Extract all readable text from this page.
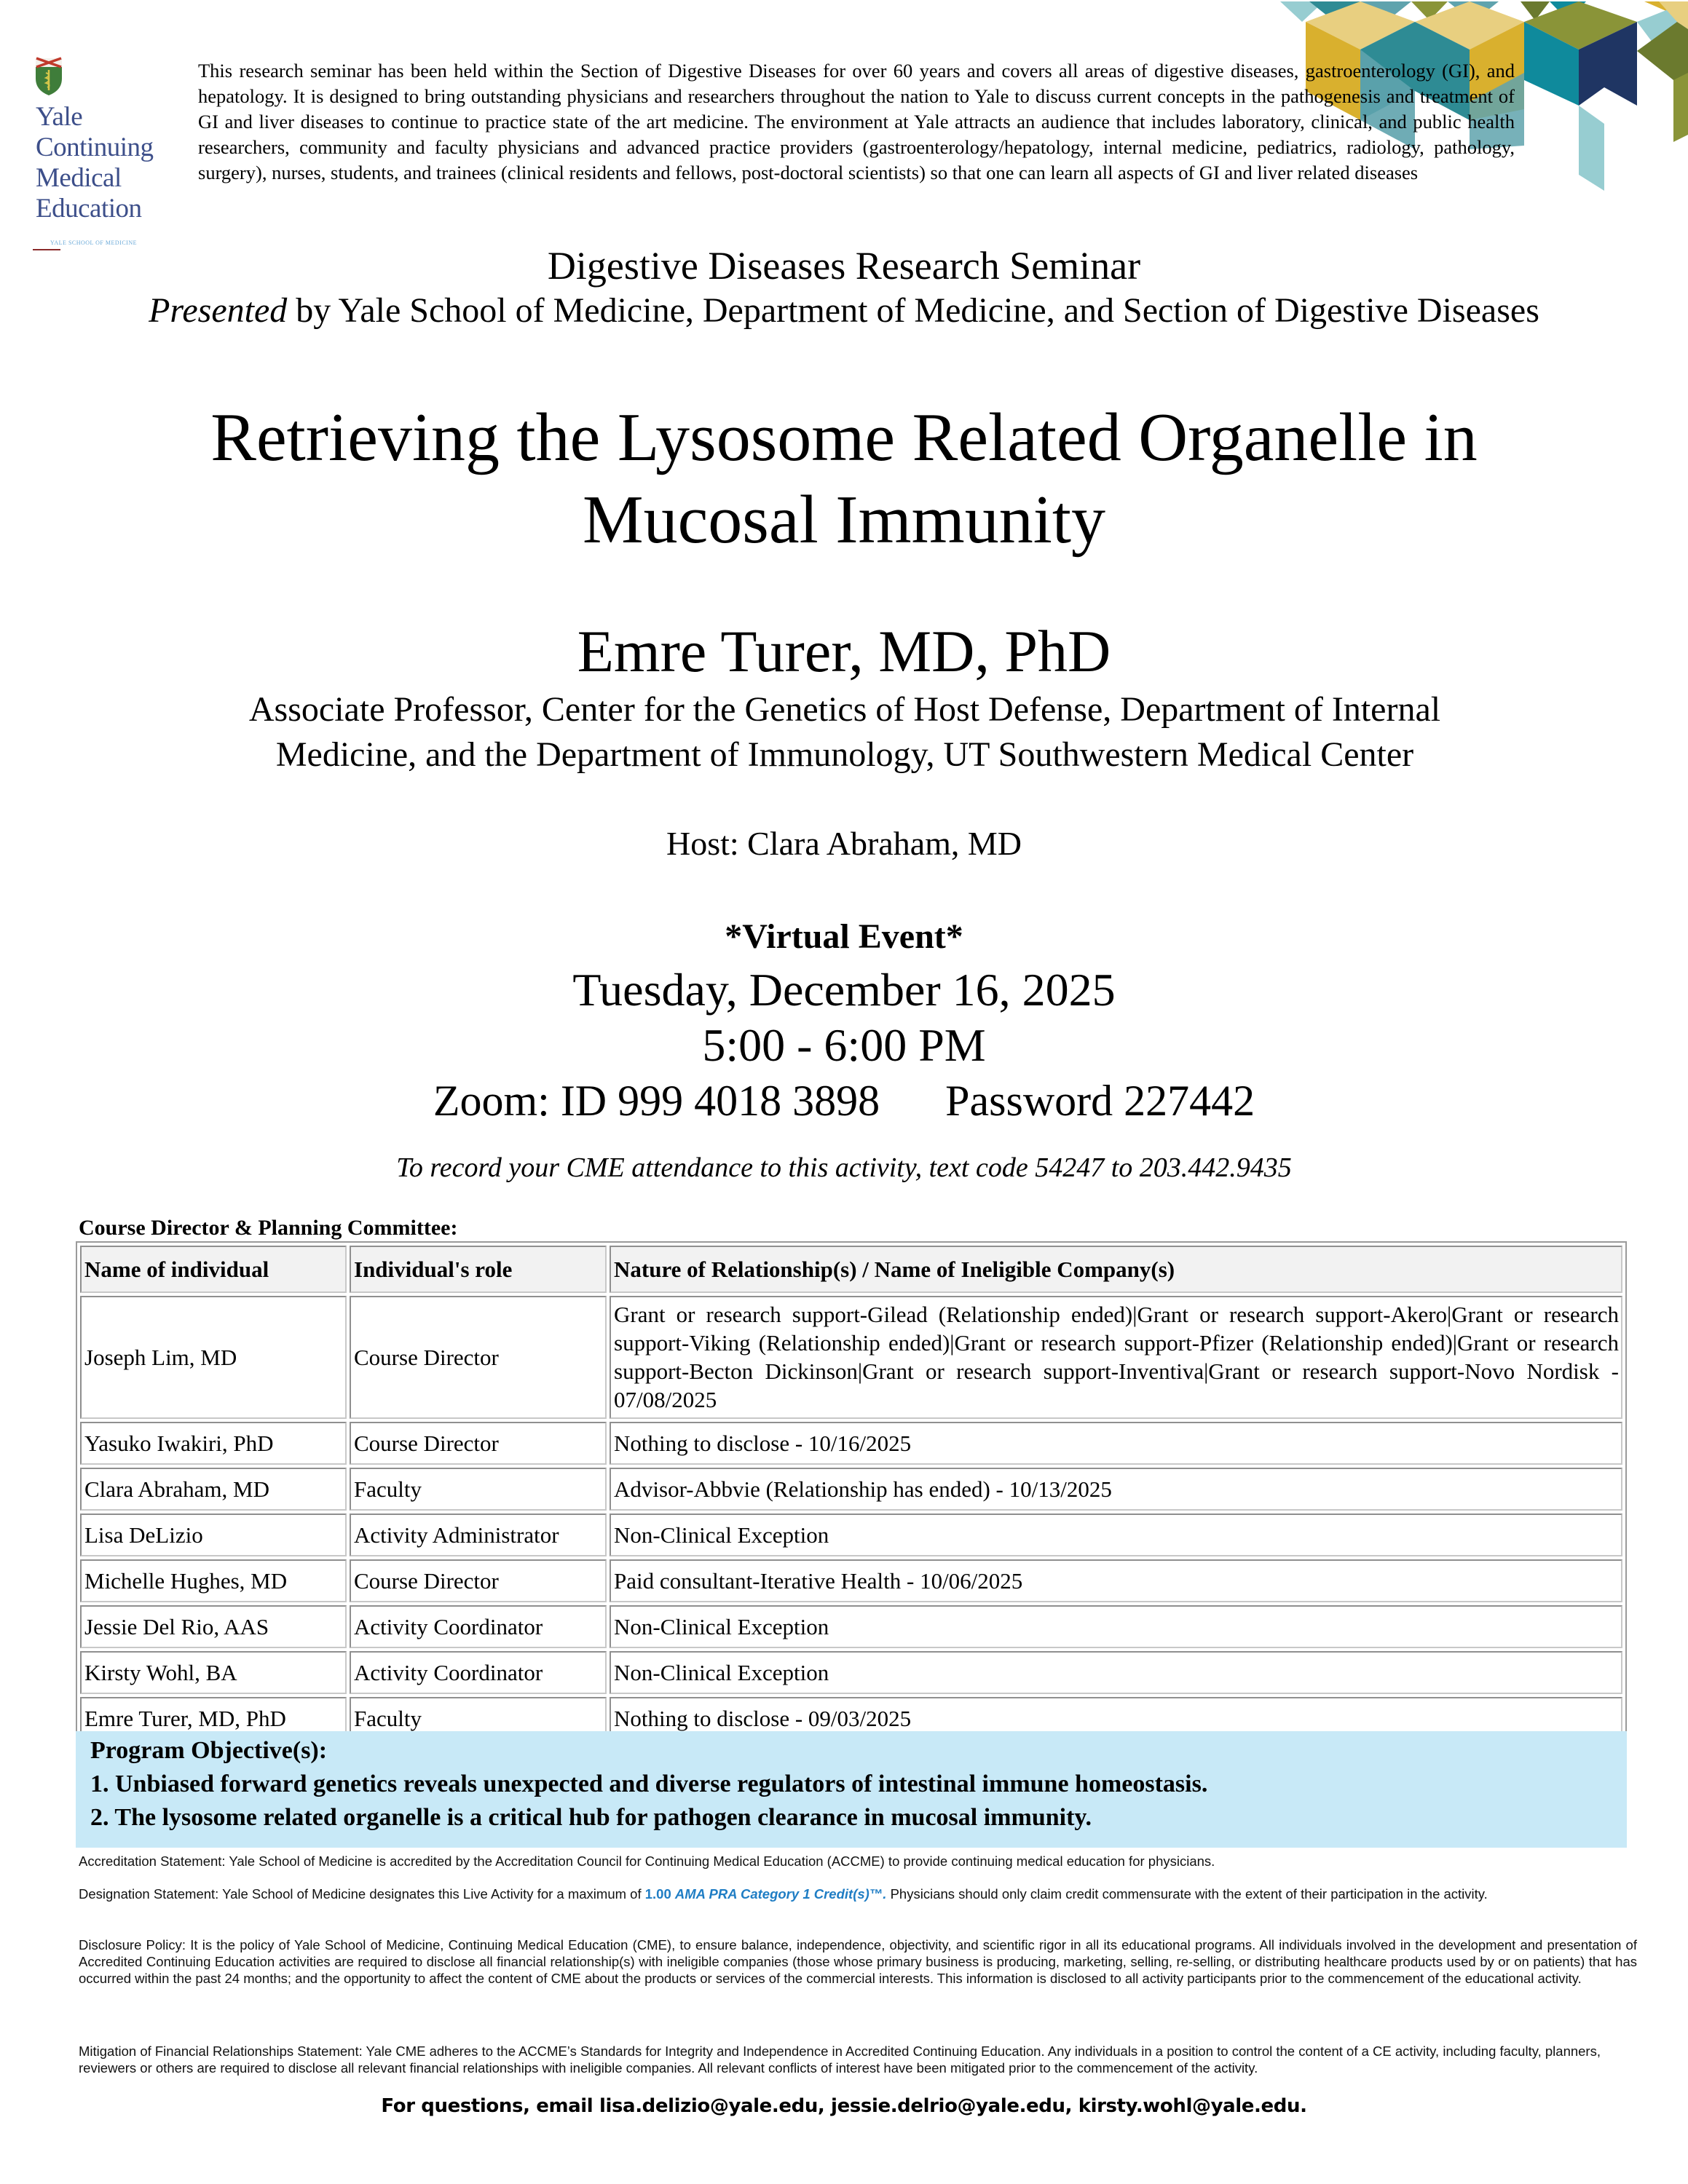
Yale
Continuing
Medical
Education
YALE SCHOOL OF MEDICINE
This research seminar has been held within the Section of Digestive Diseases for over 60 years and covers all areas of digestive diseases, gastroenterology (GI), and hepatology. It is designed to bring outstanding physicians and researchers throughout the nation to Yale to discuss current concepts in the pathogenesis and treatment of GI and liver diseases to continue to practice state of the art medicine. The environment at Yale attracts an audience that includes laboratory, clinical, and public health researchers, community and faculty physicians and advanced practice providers (gastroenterology/hepatology, internal medicine, pediatrics, radiology, pathology, surgery), nurses, students, and trainees (clinical residents and fellows, post-doctoral scientists) so that one can learn all aspects of GI and liver related diseases
Digestive Diseases Research Seminar
Presented by Yale School of Medicine, Department of Medicine, and Section of Digestive Diseases
Retrieving the Lysosome Related Organelle in
Mucosal Immunity
Emre Turer, MD, PhD
Associate Professor, Center for the Genetics of Host Defense, Department of Internal
Medicine, and the Department of Immunology, UT Southwestern Medical Center
Host: Clara Abraham, MD
*Virtual Event*
Tuesday, December 16, 2025
5:00 - 6:00 PM
Zoom: ID 999 4018 3898 Password 227442
To record your CME attendance to this activity, text code 54247 to 203.442.9435
Course Director & Planning Committee:
Name of individual	Individual's role	Nature of Relationship(s) / Name of Ineligible Company(s)
Joseph Lim, MD	Course Director	Grant or research support-Gilead (Relationship ended)|Grant or research support-Akero|Grant or research support-Viking (Relationship ended)|Grant or research support-Pfizer (Relationship ended)|Grant or research support-Becton Dickinson|Grant or research support-Inventiva|Grant or research support-Novo Nordisk - 07/08/2025
Yasuko Iwakiri, PhD	Course Director	Nothing to disclose - 10/16/2025
Clara Abraham, MD	Faculty	Advisor-Abbvie (Relationship has ended) - 10/13/2025
Lisa DeLizio	Activity Administrator	Non-Clinical Exception
Michelle Hughes, MD	Course Director	Paid consultant-Iterative Health - 10/06/2025
Jessie Del Rio, AAS	Activity Coordinator	Non-Clinical Exception
Kirsty Wohl, BA	Activity Coordinator	Non-Clinical Exception
Emre Turer, MD, PhD	Faculty	Nothing to disclose - 09/03/2025
Program Objective(s):
1. Unbiased forward genetics reveals unexpected and diverse regulators of intestinal immune homeostasis.
2. The lysosome related organelle is a critical hub for pathogen clearance in mucosal immunity.
Accreditation Statement: Yale School of Medicine is accredited by the Accreditation Council for Continuing Medical Education (ACCME) to provide continuing medical education for physicians.
Designation Statement: Yale School of Medicine designates this Live Activity for a maximum of 1.00 AMA PRA Category 1 Credit(s)™. Physicians should only claim credit commensurate with the extent of their participation in the activity.
Disclosure Policy: It is the policy of Yale School of Medicine, Continuing Medical Education (CME), to ensure balance, independence, objectivity, and scientific rigor in all its educational programs. All individuals involved in the development and presentation of Accredited Continuing Education activities are required to disclose all financial relationship(s) with ineligible companies (those whose primary business is producing, marketing, selling, re-selling, or distributing healthcare products used by or on patients) that has occurred within the past 24 months; and the opportunity to affect the content of CME about the products or services of the commercial interests. This information is disclosed to all activity participants prior to the commencement of the educational activity.
Mitigation of Financial Relationships Statement: Yale CME adheres to the ACCME’s Standards for Integrity and Independence in Accredited Continuing Education. Any individuals in a position to control the content of a CE activity, including faculty, planners, reviewers or others are required to disclose all relevant financial relationships with ineligible companies. All relevant conflicts of interest have been mitigated prior to the commencement of the activity.
For questions, email lisa.delizio@yale.edu, jessie.delrio@yale.edu, kirsty.wohl@yale.edu.
